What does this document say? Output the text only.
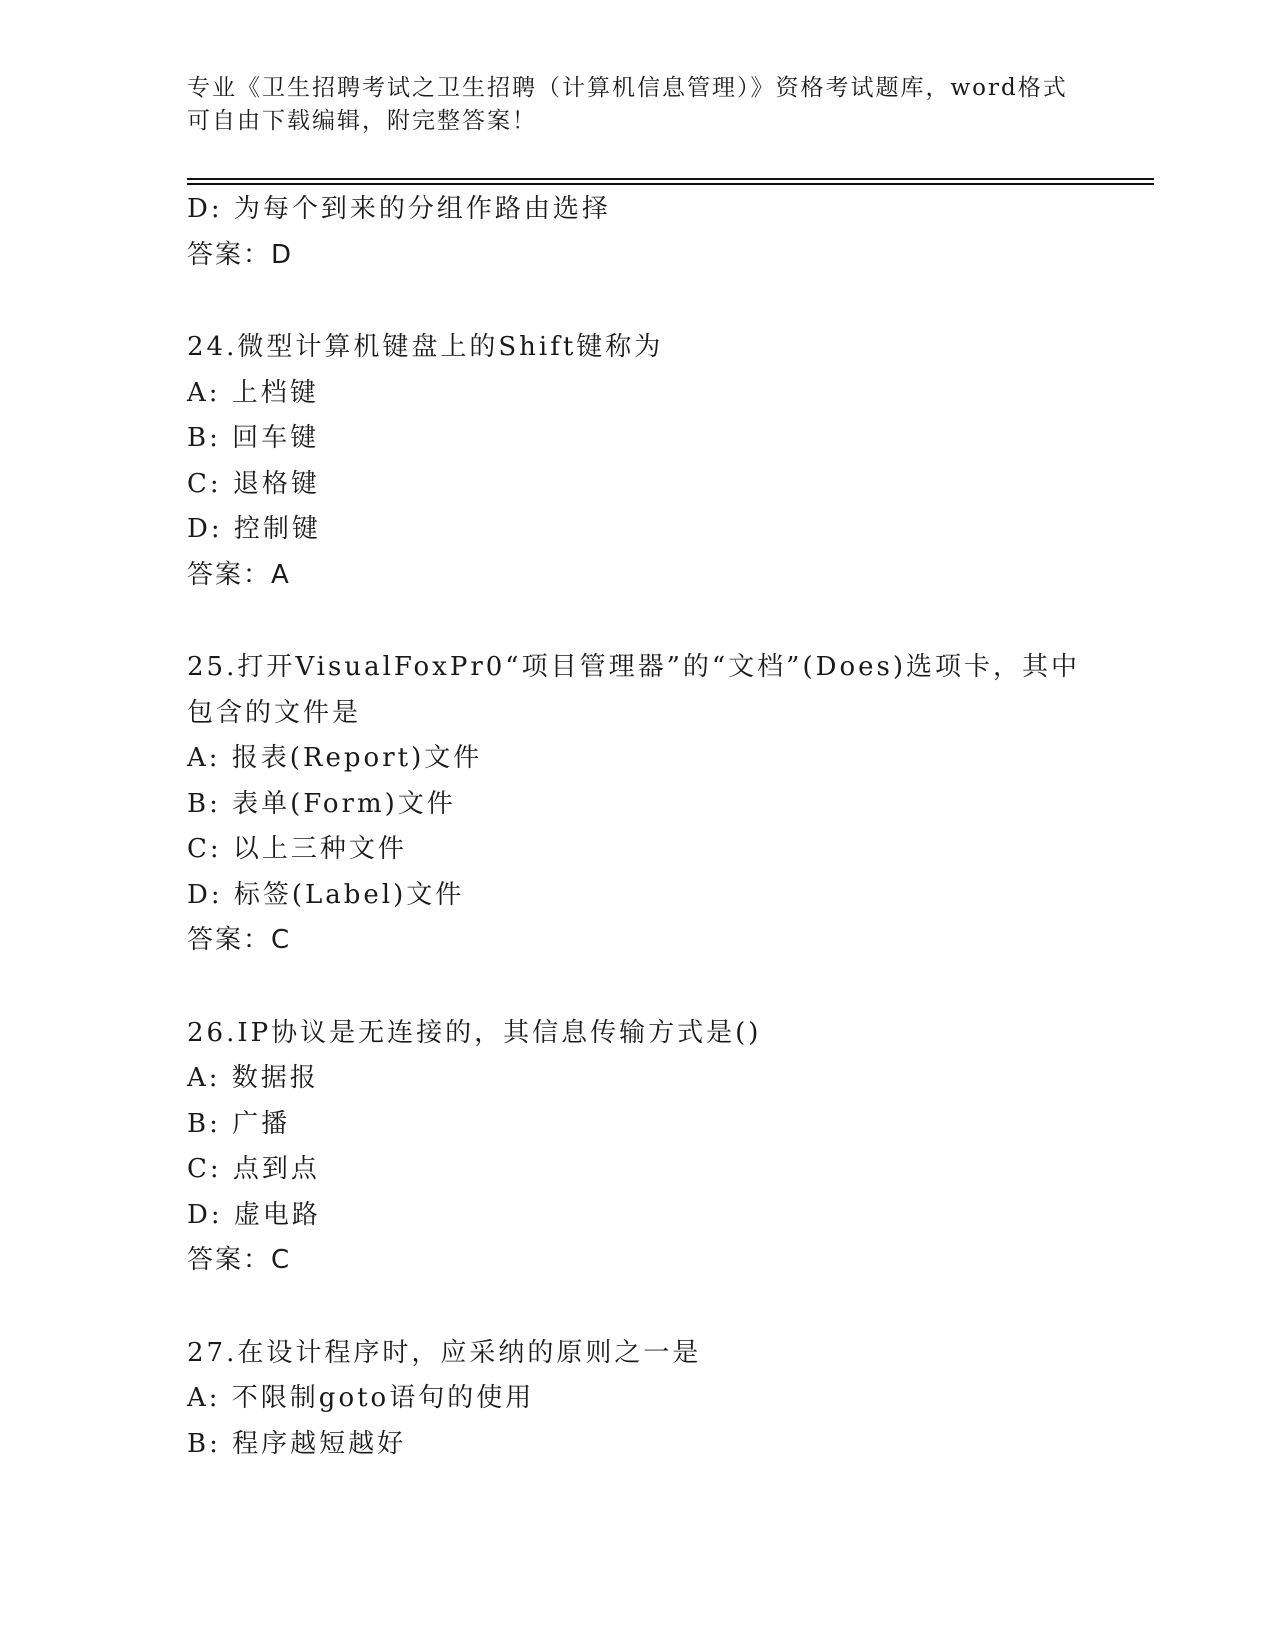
专业《卫生招聘考试之卫生招聘（计算机信息管理）》资格考试题库，word格式
可自由下载编辑，附完整答案！
D: 为每个到来的分组作路由选择
答案：D
24.微型计算机键盘上的Shift键称为
A: 上档键
B: 回车键
C: 退格键
D: 控制键
答案：A
25.打开VisualFoxPr0“项目管理器”的“文档”(Does)选项卡，其中
包含的文件是
A: 报表(Report)文件
B: 表单(Form)文件
C: 以上三种文件
D: 标签(Label)文件
答案：C
26.IP协议是无连接的，其信息传输方式是()
A: 数据报
B: 广播
C: 点到点
D: 虚电路
答案：C
27.在设计程序时，应采纳的原则之一是
A: 不限制goto语句的使用
B: 程序越短越好
